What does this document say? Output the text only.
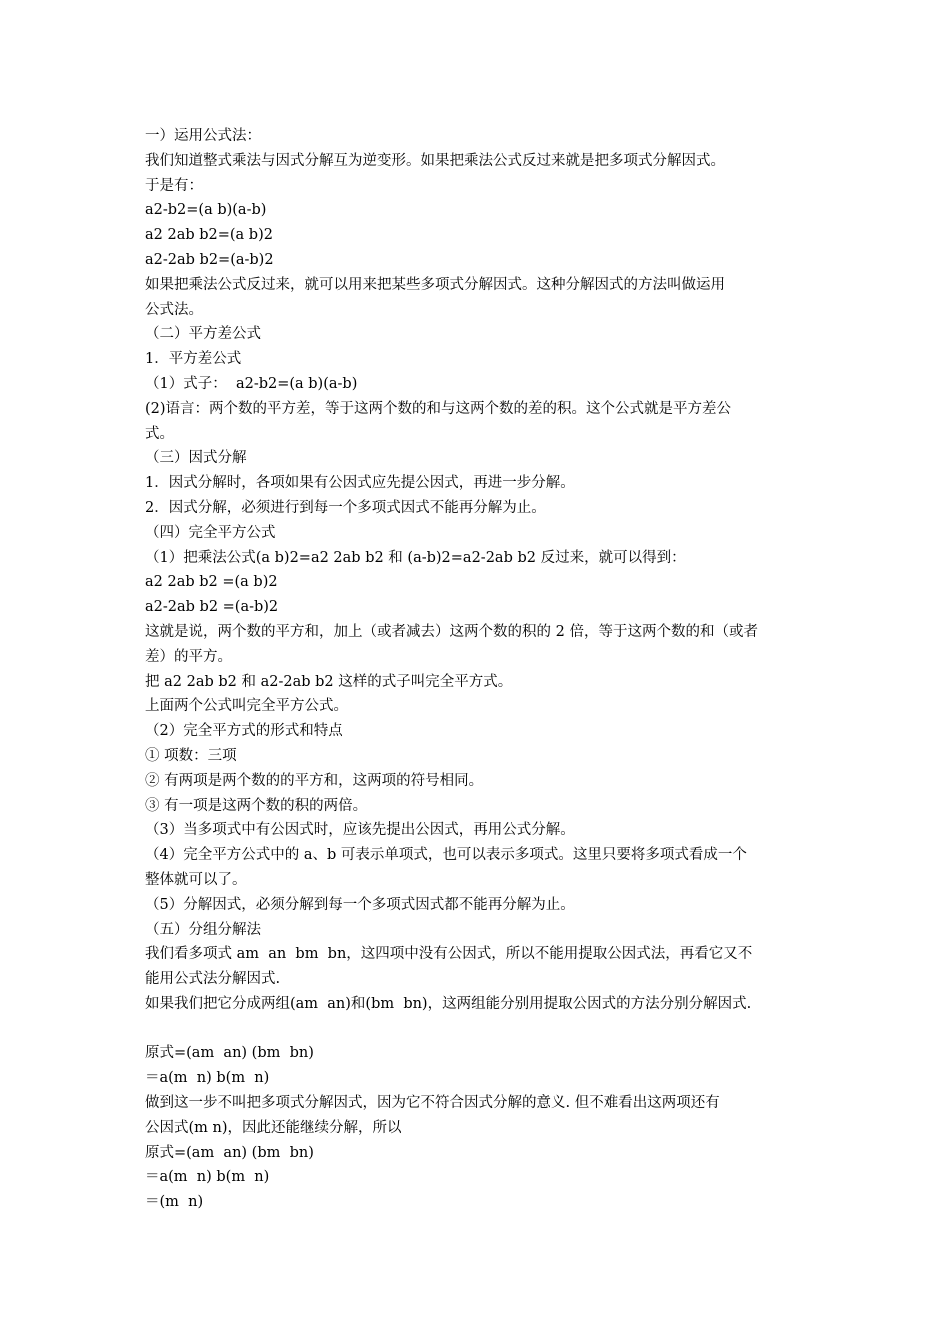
一）运用公式法：
我们知道整式乘法与因式分解互为逆变形。如果把乘法公式反过来就是把多项式分解因式。
于是有：
a2-b2=(a b)(a-b)
a2 2ab b2=(a b)2
a2-2ab b2=(a-b)2
如果把乘法公式反过来，就可以用来把某些多项式分解因式。这种分解因式的方法叫做运用
公式法。
（二）平方差公式
1．平方差公式
（1）式子：  a2-b2=(a b)(a-b)
(2)语言：两个数的平方差，等于这两个数的和与这两个数的差的积。这个公式就是平方差公
式。
（三）因式分解
1．因式分解时，各项如果有公因式应先提公因式，再进一步分解。
2．因式分解，必须进行到每一个多项式因式不能再分解为止。
（四）完全平方公式
（1）把乘法公式(a b)2=a2 2ab b2 和 (a-b)2=a2-2ab b2 反过来，就可以得到：
a2 2ab b2 =(a b)2
a2-2ab b2 =(a-b)2
这就是说，两个数的平方和，加上（或者减去）这两个数的积的 2 倍，等于这两个数的和（或者
差）的平方。
把 a2 2ab b2 和 a2-2ab b2 这样的式子叫完全平方式。
上面两个公式叫完全平方公式。
（2）完全平方式的形式和特点
① 项数：三项
② 有两项是两个数的的平方和，这两项的符号相同。
③ 有一项是这两个数的积的两倍。
（3）当多项式中有公因式时，应该先提出公因式，再用公式分解。
（4）完全平方公式中的 a、b 可表示单项式，也可以表示多项式。这里只要将多项式看成一个
整体就可以了。
（5）分解因式，必须分解到每一个多项式因式都不能再分解为止。
（五）分组分解法
我们看多项式 am  an  bm  bn，这四项中没有公因式，所以不能用提取公因式法，再看它又不
能用公式法分解因式.
如果我们把它分成两组(am  an)和(bm  bn)，这两组能分别用提取公因式的方法分别分解因式.
原式=(am  an) (bm  bn)
＝a(m  n) b(m  n)
做到这一步不叫把多项式分解因式，因为它不符合因式分解的意义. 但不难看出这两项还有
公因式(m n)，因此还能继续分解，所以
原式=(am  an) (bm  bn)
＝a(m  n) b(m  n)
＝(m  n)
